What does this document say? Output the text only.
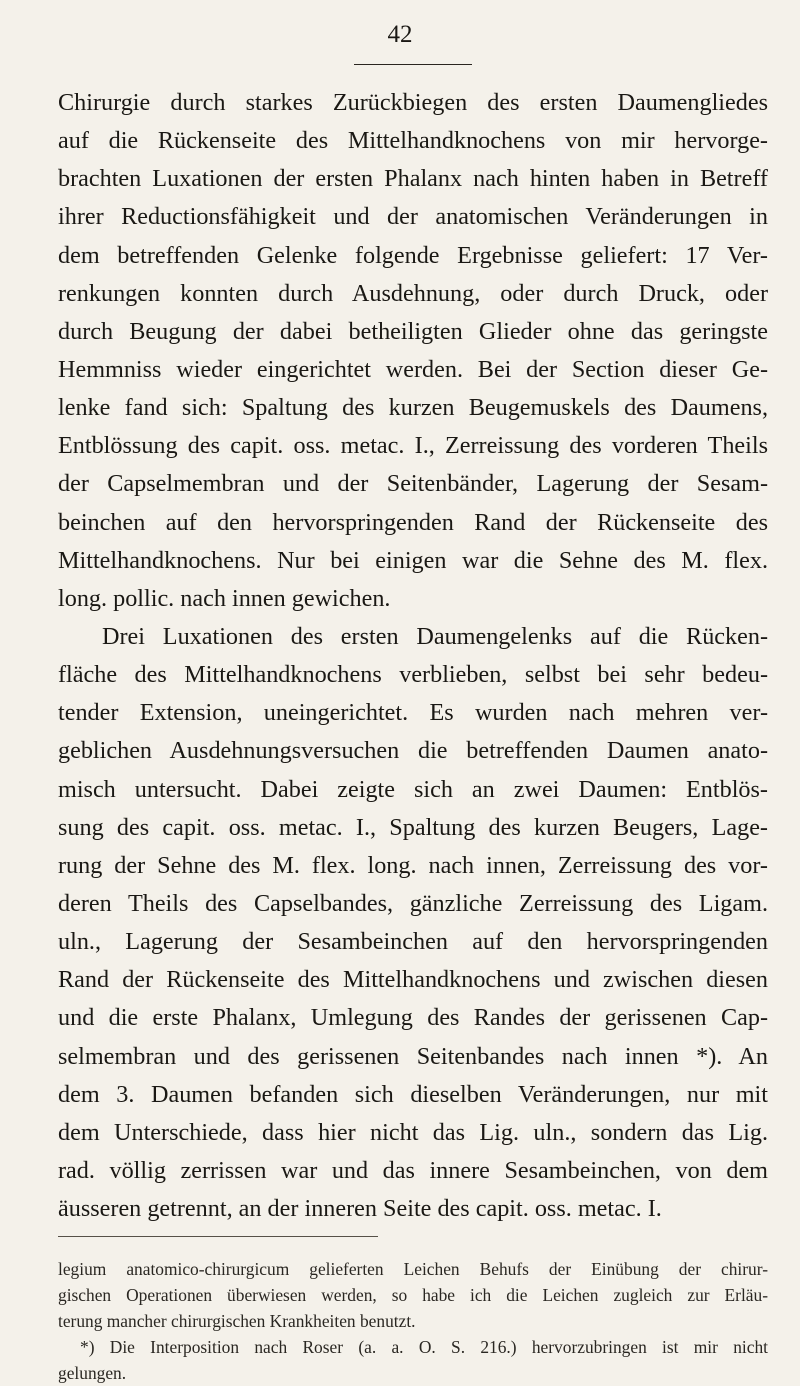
42
Chirurgie durch starkes Zurückbiegen des ersten Daumengliedes
auf die Rückenseite des Mittelhandknochens von mir hervorge-
brachten Luxationen der ersten Phalanx nach hinten haben in Betreff
ihrer Reductionsfähigkeit und der anatomischen Veränderungen in
dem betreffenden Gelenke folgende Ergebnisse geliefert: 17 Ver-
renkungen konnten durch Ausdehnung, oder durch Druck, oder
durch Beugung der dabei betheiligten Glieder ohne das geringste
Hemmniss wieder eingerichtet werden. Bei der Section dieser Ge-
lenke fand sich: Spaltung des kurzen Beugemuskels des Daumens,
Entblössung des capit. oss. metac. I., Zerreissung des vorderen Theils
der Capselmembran und der Seitenbänder, Lagerung der Sesam-
beinchen auf den hervorspringenden Rand der Rückenseite des
Mittelhandknochens. Nur bei einigen war die Sehne des M. flex.
long. pollic. nach innen gewichen.
Drei Luxationen des ersten Daumengelenks auf die Rücken-
fläche des Mittelhandknochens verblieben, selbst bei sehr bedeu-
tender Extension, uneingerichtet. Es wurden nach mehren ver-
geblichen Ausdehnungsversuchen die betreffenden Daumen anato-
misch untersucht. Dabei zeigte sich an zwei Daumen: Entblös-
sung des capit. oss. metac. I., Spaltung des kurzen Beugers, Lage-
rung der Sehne des M. flex. long. nach innen, Zerreissung des vor-
deren Theils des Capselbandes, gänzliche Zerreissung des Ligam.
uln., Lagerung der Sesambeinchen auf den hervorspringenden
Rand der Rückenseite des Mittelhandknochens und zwischen diesen
und die erste Phalanx, Umlegung des Randes der gerissenen Cap-
selmembran und des gerissenen Seitenbandes nach innen *). An
dem 3. Daumen befanden sich dieselben Veränderungen, nur mit
dem Unterschiede, dass hier nicht das Lig. uln., sondern das Lig.
rad. völlig zerrissen war und das innere Sesambeinchen, von dem
äusseren getrennt, an der inneren Seite des capit. oss. metac. I.
legium anatomico-chirurgicum gelieferten Leichen Behufs der Einübung der chirur-
gischen Operationen überwiesen werden, so habe ich die Leichen zugleich zur Erläu-
terung mancher chirurgischen Krankheiten benutzt.
*) Die Interposition nach Roser (a. a. O. S. 216.) hervorzubringen ist mir nicht
gelungen.
